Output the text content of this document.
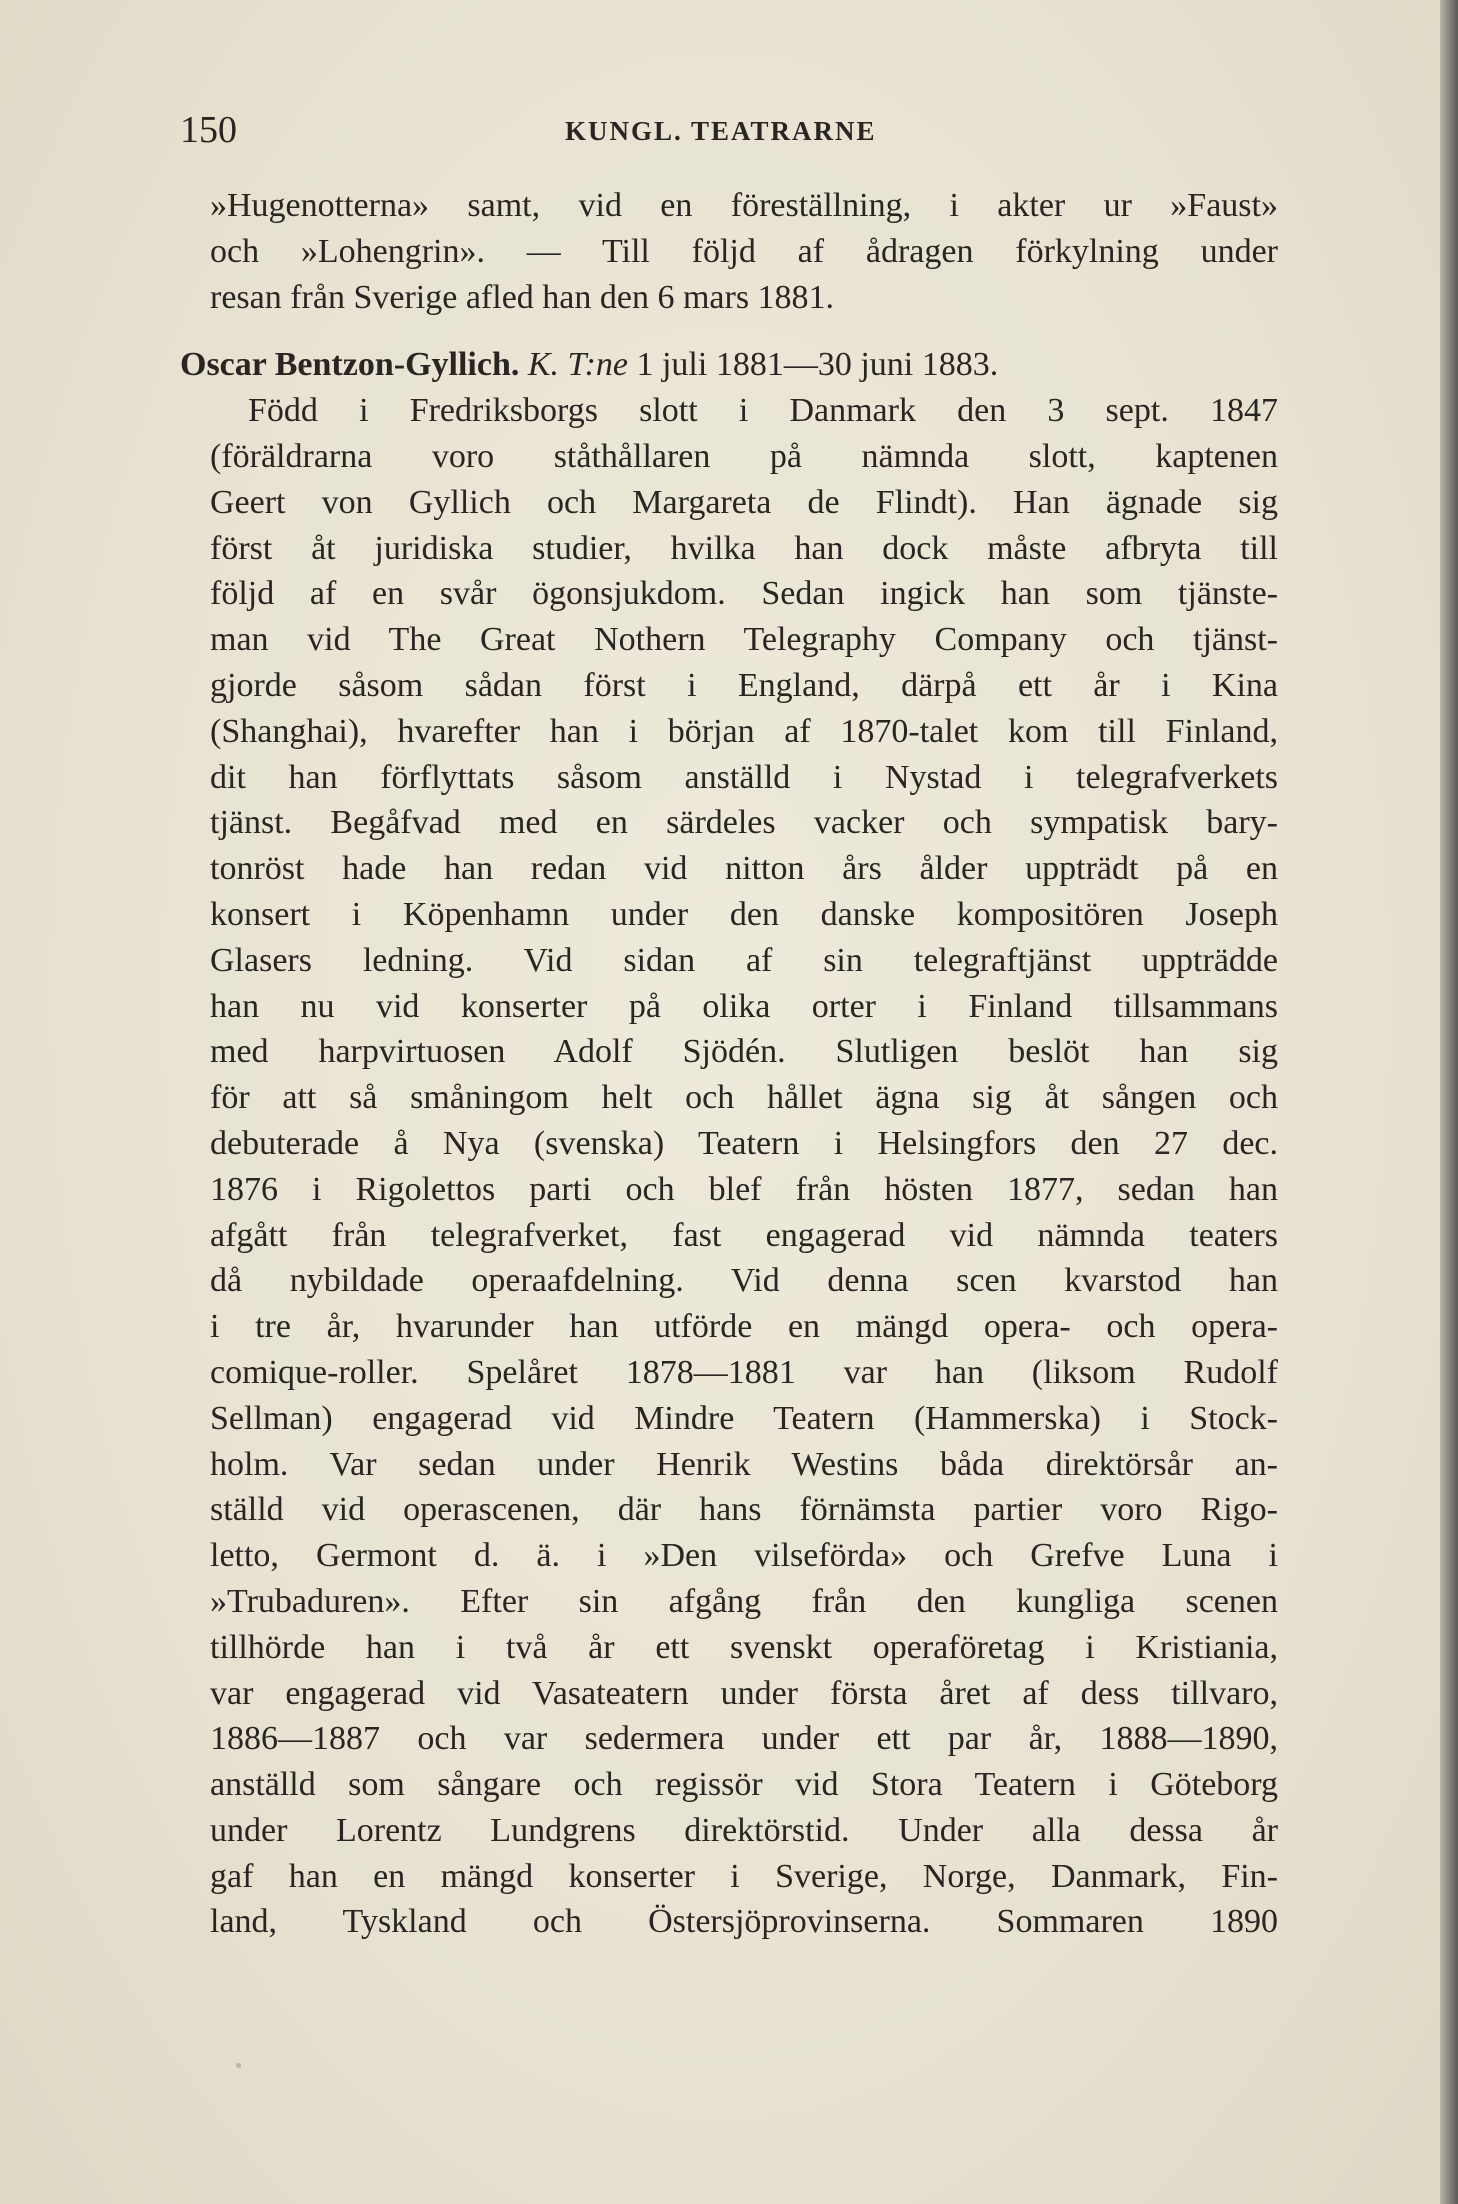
150	KUNGL. TEATRARNE
»Hugenotterna» samt, vid en föreställning, i akter ur »Faust»
och »Lohengrin». — Till följd af ådragen förkylning under
resan från Sverige afled han den 6 mars 1881.
Oscar Bentzon-Gyllich. K. T:ne 1 juli 1881—30 juni 1883.
Född i Fredriksborgs slott i Danmark den 3 sept. 1847
(föräldrarna voro ståthållaren på nämnda slott, kaptenen
Geert von Gyllich och Margareta de Flindt). Han ägnade sig
först åt juridiska studier, hvilka han dock måste afbryta till
följd af en svår ögonsjukdom. Sedan ingick han som tjänste-
man vid The Great Nothern Telegraphy Company och tjänst-
gjorde såsom sådan först i England, därpå ett år i Kina
(Shanghai), hvarefter han i början af 1870-talet kom till Finland,
dit han förflyttats såsom anställd i Nystad i telegrafverkets
tjänst. Begåfvad med en särdeles vacker och sympatisk bary-
tonröst hade han redan vid nitton års ålder uppträdt på en
konsert i Köpenhamn under den danske kompositören Joseph
Glasers ledning. Vid sidan af sin telegraftjänst uppträdde
han nu vid konserter på olika orter i Finland tillsammans
med harpvirtuosen Adolf Sjödén. Slutligen beslöt han sig
för att så småningom helt och hållet ägna sig åt sången och
debuterade å Nya (svenska) Teatern i Helsingfors den 27 dec.
1876 i Rigolettos parti och blef från hösten 1877, sedan han
afgått från telegrafverket, fast engagerad vid nämnda teaters
då nybildade operaafdelning. Vid denna scen kvarstod han
i tre år, hvarunder han utförde en mängd opera- och opera-
comique-roller. Spelåret 1878—1881 var han (liksom Rudolf
Sellman) engagerad vid Mindre Teatern (Hammerska) i Stock-
holm. Var sedan under Henrik Westins båda direktörsår an-
ställd vid operascenen, där hans förnämsta partier voro Rigo-
letto, Germont d. ä. i »Den vilseförda» och Grefve Luna i
»Trubaduren». Efter sin afgång från den kungliga scenen
tillhörde han i två år ett svenskt operaföretag i Kristiania,
var engagerad vid Vasateatern under första året af dess tillvaro,
1886—1887 och var sedermera under ett par år, 1888—1890,
anställd som sångare och regissör vid Stora Teatern i Göteborg
under Lorentz Lundgrens direktörstid. Under alla dessa år
gaf han en mängd konserter i Sverige, Norge, Danmark, Fin-
land, Tyskland och Östersjöprovinserna. Sommaren 1890
